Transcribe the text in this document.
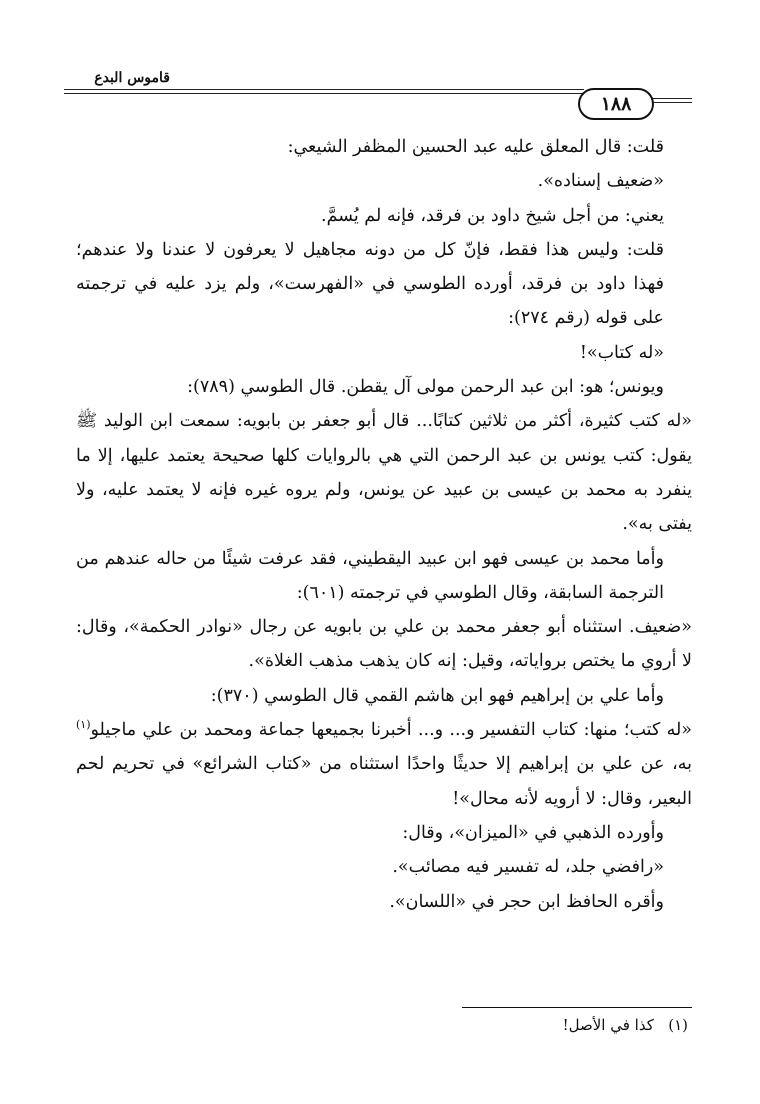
قاموس البدع
١٨٨

قلت: قال المعلق عليه عبد الحسين المظفر الشيعي:

«ضعيف إسناده».

يعني: من أجل شيخ داود بن فرقد، فإنه لم يُسمَّ.

قلت: وليس هذا فقط، فإنّ كل من دونه مجاهيل لا يعرفون لا عندنا ولا عندهم؛ فهذا داود بن فرقد، أورده الطوسي في «الفهرست»، ولم يزد عليه في ترجمته على قوله (رقم ٢٧٤):

«له كتاب»!

ويونس؛ هو: ابن عبد الرحمن مولى آل يقطن. قال الطوسي (٧٨٩):

«له كتب كثيرة، أكثر من ثلاثين كتابًا... قال أبو جعفر بن بابويه: سمعت ابن الوليد ﷺ يقول: كتب يونس بن عبد الرحمن التي هي بالروايات كلها صحيحة يعتمد عليها، إلا ما ينفرد به محمد بن عيسى بن عبيد عن يونس، ولم يروه غيره فإنه لا يعتمد عليه، ولا يفتى به».

وأما محمد بن عيسى فهو ابن عبيد اليقطيني، فقد عرفت شيئًا من حاله عندهم من الترجمة السابقة، وقال الطوسي في ترجمته (٦٠١):

«ضعيف. استثناه أبو جعفر محمد بن علي بن بابويه عن رجال «نوادر الحكمة»، وقال: لا أروي ما يختص برواياته، وقيل: إنه كان يذهب مذهب الغلاة».

وأما علي بن إبراهيم فهو ابن هاشم القمي قال الطوسي (٣٧٠):

«له كتب؛ منها: كتاب التفسير و... و... أخبرنا بجميعها جماعة ومحمد بن علي ماجيلو$^{(١)}$ به، عن علي بن إبراهيم إلا حديثًا واحدًا استثناه من «كتاب الشرائع» في تحريم لحم البعير، وقال: لا أرويه لأنه محال»!

وأورده الذهبي في «الميزان»، وقال:

«رافضي جلد، له تفسير فيه مصائب».

وأقره الحافظ ابن حجر في «اللسان».

(١)   كذا في الأصل!
